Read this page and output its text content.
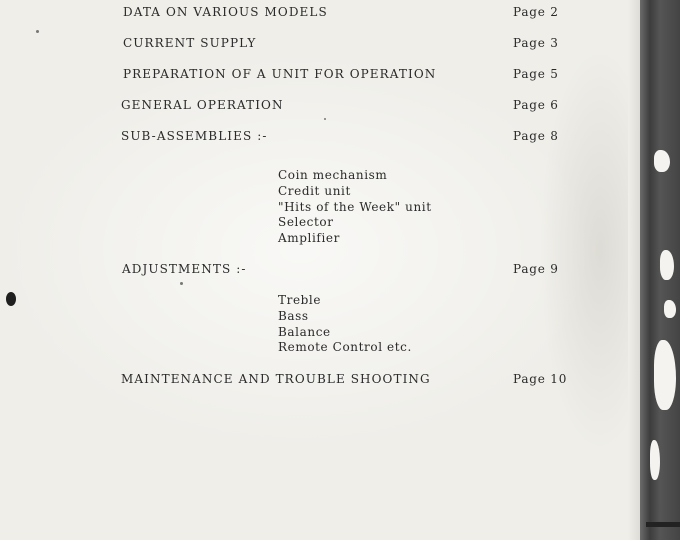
DATA ON VARIOUS MODELS	Page 2
CURRENT SUPPLY	Page 3
PREPARATION OF A UNIT FOR OPERATION	Page 5
GENERAL OPERATION	Page 6
SUB-ASSEMBLIES :-	Page 8
Coin mechanism
Credit unit
"Hits of the Week" unit
Selector
Amplifier
ADJUSTMENTS :-	Page 9
Treble
Bass
Balance
Remote Control etc.
MAINTENANCE AND TROUBLE SHOOTING	Page 10
